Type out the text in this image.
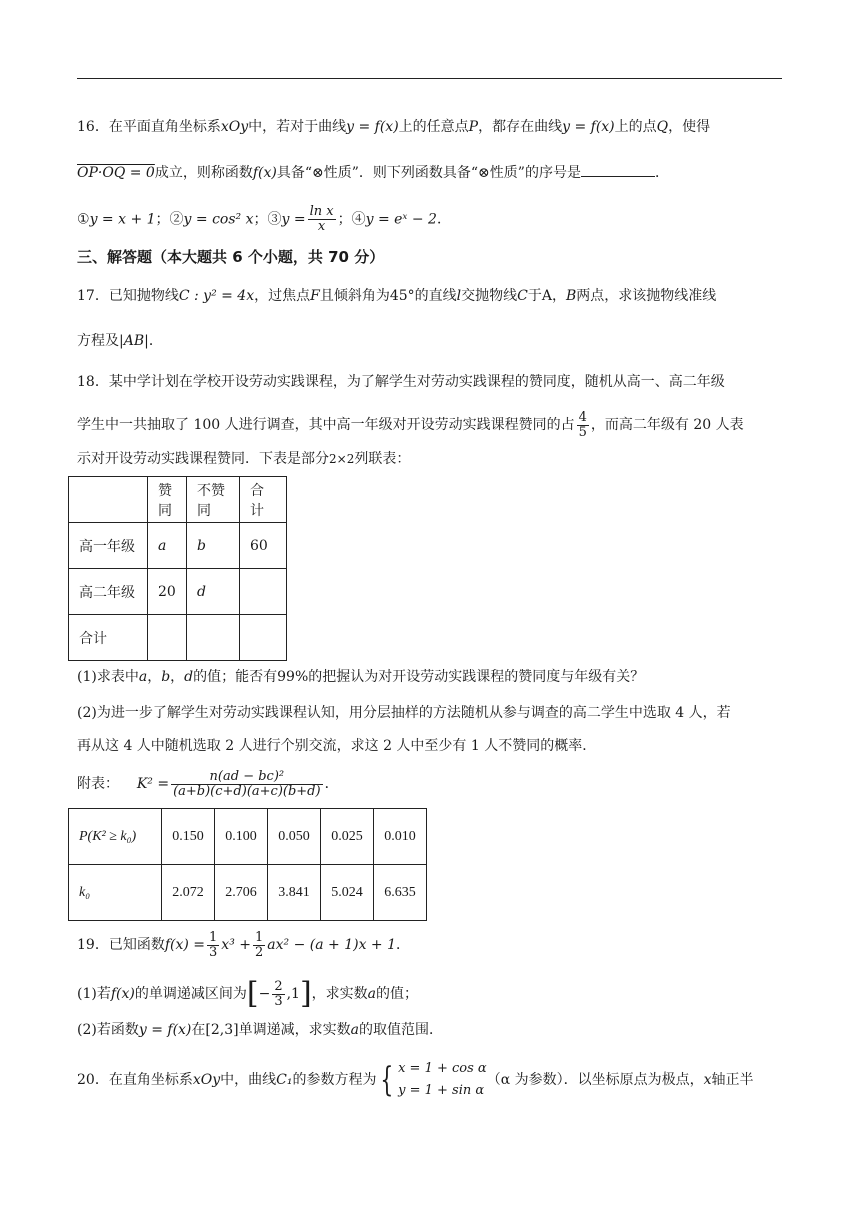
16．在平面直角坐标系xOy中，若对于曲线y = f(x)上的任意点P，都存在曲线y = f(x)上的点Q，使得
OP·OQ = 0成立，则称函数f(x)具备“⊗性质”．则下列函数具备“⊗性质”的序号是	．
①y = x + 1；②y = cos² x；③y = $\frac{\text{ln x}}{x}$ ；④y = eˣ − 2．
三、解答题（本大题共 6 个小题，共 70 分）
17．已知抛物线C : y² = 4x，过焦点F且倾斜角为45°的直线l交抛物线C于A，B两点，求该抛物线准线
方程及|AB|．
18．某中学计划在学校开设劳动实践课程，为了解学生对劳动实践课程的赞同度，随机从高一、高二年级
学生中一共抽取了 100 人进行调查，其中高一年级对开设劳动实践课程赞同的占 $\frac{4}{5}$ ，而高二年级有 20 人表
示对开设劳动实践课程赞同．下表是部分2×2列联表：
	赞同	不赞同	合计
高一年级	a	b	60
高二年级	20	d	
合计			
(1)求表中a，b，d的值；能否有99%的把握认为对开设劳动实践课程的赞同度与年级有关？
(2)为进一步了解学生对劳动实践课程认知，用分层抽样的方法随机从参与调查的高二学生中选取 4 人，若
再从这 4 人中随机选取 2 人进行个别交流，求这 2 人中至少有 1 人不赞同的概率．
附表： $K^2 = \frac{\text{n(ad − bc)²}}{(a+b)(c+d)(a+c)(b+d)}$ ．
P(K² ≥ k₀)	0.150	0.100	0.050	0.025	0.010
k₀	2.072	2.706	3.841	5.024	6.635
19．已知函数$f(x) = \frac{1}{3} x^3 + \frac{1}{2} ax^2 - (a + 1)x + 1$．
(1)若f(x)的单调递减区间为[− $\frac{2}{3} ,1$]，求实数a的值；
(2)若函数y = f(x)在[2,3]单调递减，求实数a的取值范围．
20．在直角坐标系xOy中，曲线C₁的参数方程为 { x = 1 + cos α
y = 1 + sin α
（α 为参数）．以坐标原点为极点，x轴正半
